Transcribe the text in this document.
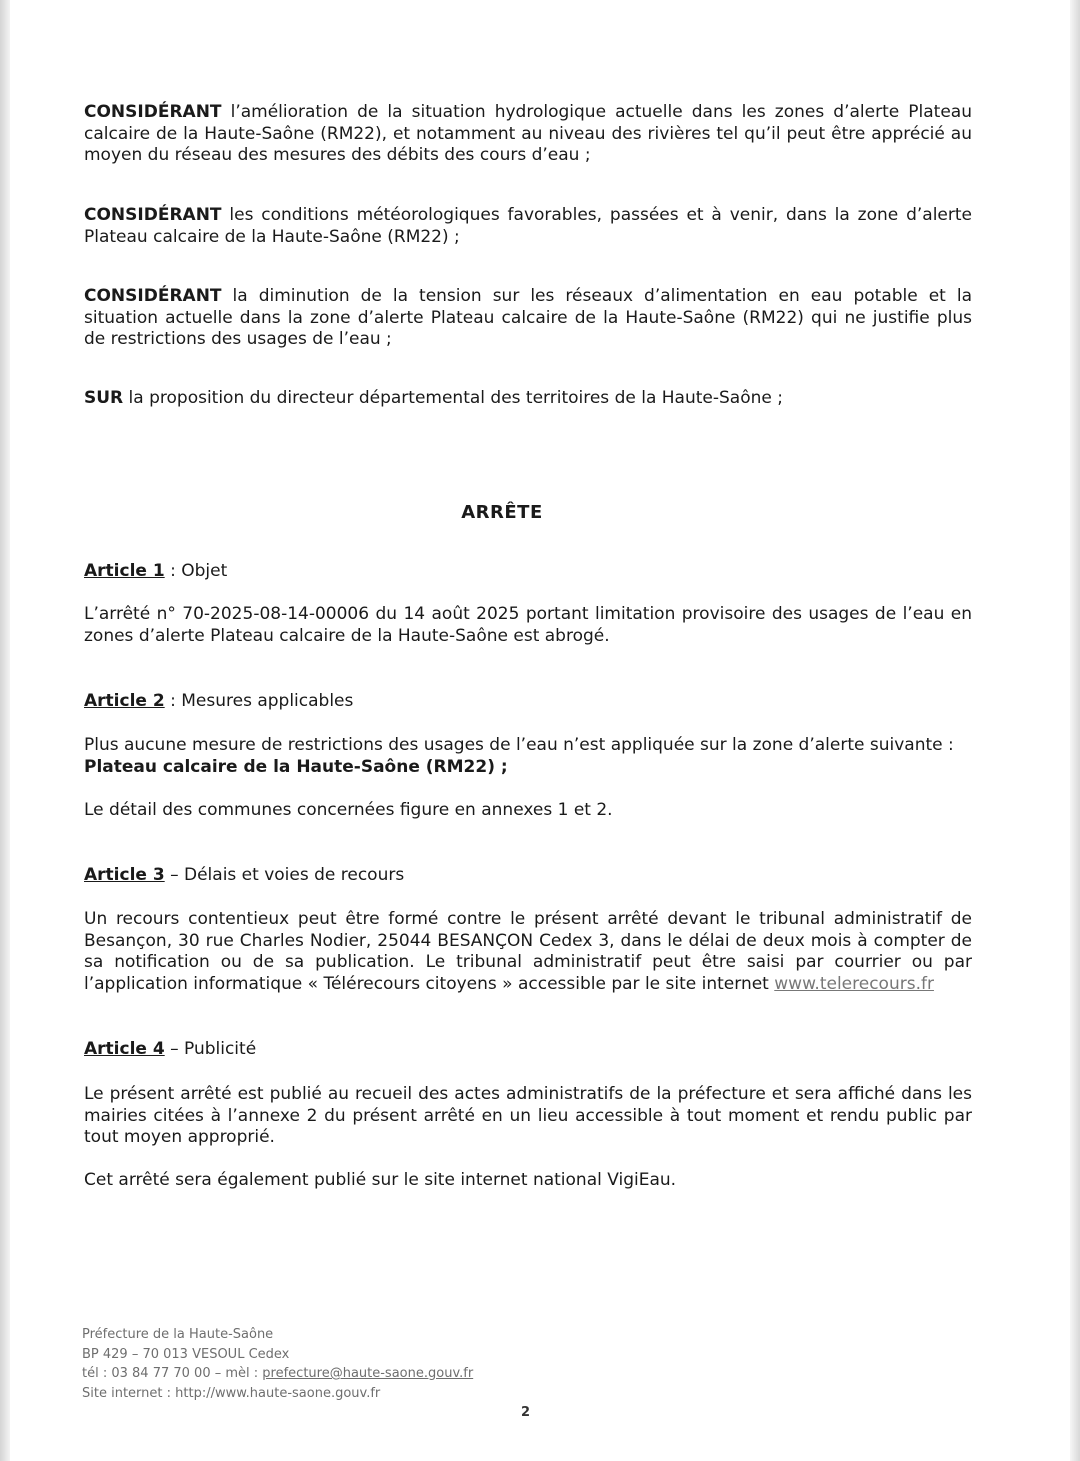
CONSIDÉRANT l’amélioration de la situation hydrologique actuelle dans les zones d’alerte Plateau calcaire de la Haute-Saône (RM22), et notamment au niveau des rivières tel qu’il peut être apprécié au moyen du réseau des mesures des débits des cours d’eau ;
CONSIDÉRANT les conditions météorologiques favorables, passées et à venir, dans la zone d’alerte Plateau calcaire de la Haute-Saône (RM22) ;
CONSIDÉRANT la diminution de la tension sur les réseaux d’alimentation en eau potable et la situation actuelle dans la zone d’alerte Plateau calcaire de la Haute-Saône (RM22) qui ne justifie plus de restrictions des usages de l’eau ;
SUR la proposition du directeur départemental des territoires de la Haute-Saône ;
ARRÊTE
Article 1 : Objet
L’arrêté n° 70-2025-08-14-00006 du 14 août 2025 portant limitation provisoire des usages de l’eau en zones d’alerte Plateau calcaire de la Haute-Saône est abrogé.
Article 2 : Mesures applicables
Plus aucune mesure de restrictions des usages de l’eau n’est appliquée sur la zone d’alerte suivante :
Plateau calcaire de la Haute-Saône (RM22) ;
Le détail des communes concernées figure en annexes 1 et 2.
Article 3 – Délais et voies de recours
Un recours contentieux peut être formé contre le présent arrêté devant le tribunal administratif de Besançon, 30 rue Charles Nodier, 25044 BESANÇON Cedex 3, dans le délai de deux mois à compter de sa notification ou de sa publication. Le tribunal administratif peut être saisi par courrier ou par l’application informatique « Télérecours citoyens » accessible par le site internet www.telerecours.fr
Article 4 – Publicité
Le présent arrêté est publié au recueil des actes administratifs de la préfecture et sera affiché dans les mairies citées à l’annexe 2 du présent arrêté en un lieu accessible à tout moment et rendu public par tout moyen approprié.
Cet arrêté sera également publié sur le site internet national VigiEau.
Préfecture de la Haute-Saône
BP 429 – 70 013 VESOUL Cedex
tél : 03 84 77 70 00 – mèl : prefecture@haute-saone.gouv.fr
Site internet : http://www.haute-saone.gouv.fr
2
